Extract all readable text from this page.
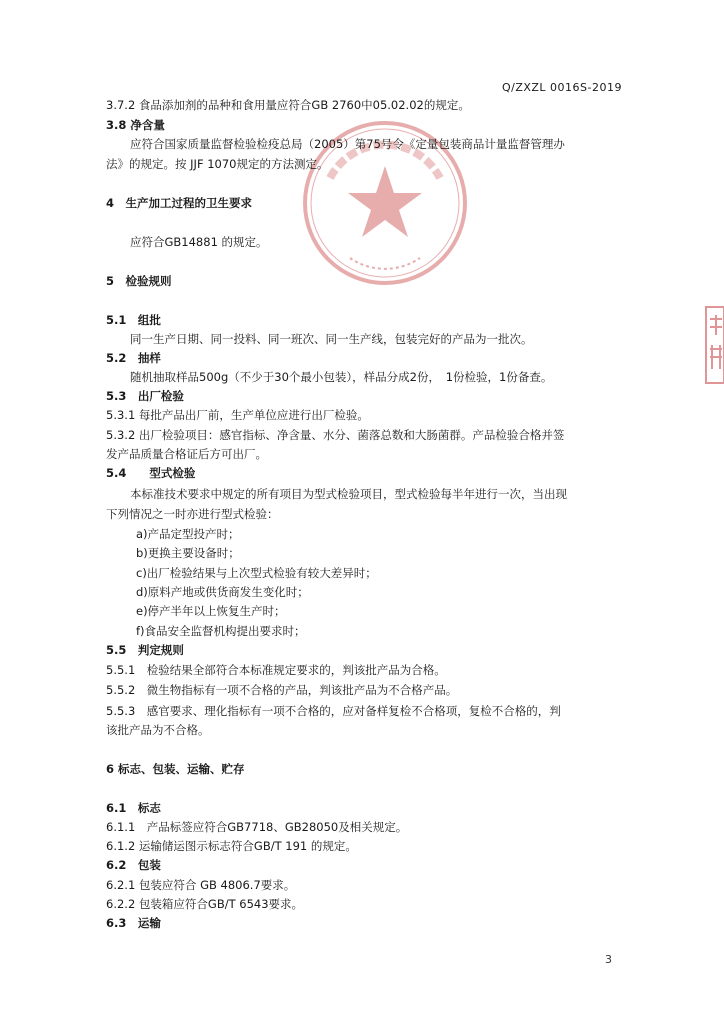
Q/ZXZL 0016S-2019
3.7.2 食品添加剂的品种和食用量应符合GB 2760中05.02.02的规定。
3.8 净含量
应符合国家质量监督检验检疫总局（2005）第75号令《定量包装商品计量监督管理办
法》的规定。按 JJF 1070规定的方法测定。
4　生产加工过程的卫生要求
应符合GB14881 的规定。
5　检验规则
5.1　组批
同一生产日期、同一投料、同一班次、同一生产线，包装完好的产品为一批次。
5.2　抽样
随机抽取样品500g（不少于30个最小包装），样品分成2份，　1份检验，1份备查。
5.3　出厂检验
5.3.1 每批产品出厂前，生产单位应进行出厂检验。
5.3.2 出厂检验项目：感官指标、净含量、水分、菌落总数和大肠菌群。产品检验合格并签
发产品质量合格证后方可出厂。
5.4　　型式检验
本标准技术要求中规定的所有项目为型式检验项目，型式检验每半年进行一次，当出现
下列情况之一时亦进行型式检验：
a)产品定型投产时；
b)更换主要设备时；
c)出厂检验结果与上次型式检验有较大差异时；
d)原料产地或供货商发生变化时；
e)停产半年以上恢复生产时；
f)食品安全监督机构提出要求时；
5.5　判定规则
5.5.1　检验结果全部符合本标准规定要求的，判该批产品为合格。
5.5.2　微生物指标有一项不合格的产品，判该批产品为不合格产品。
5.5.3　感官要求、理化指标有一项不合格的，应对备样复检不合格项，复检不合格的，判
该批产品为不合格。
6 标志、包装、运输、贮存
6.1　标志
6.1.1　产品标签应符合GB7718、GB28050及相关规定。
6.1.2 运输储运图示标志符合GB/T 191 的规定。
6.2　包装
6.2.1 包装应符合 GB 4806.7要求。
6.2.2 包装箱应符合GB/T 6543要求。
6.3　运输
3
